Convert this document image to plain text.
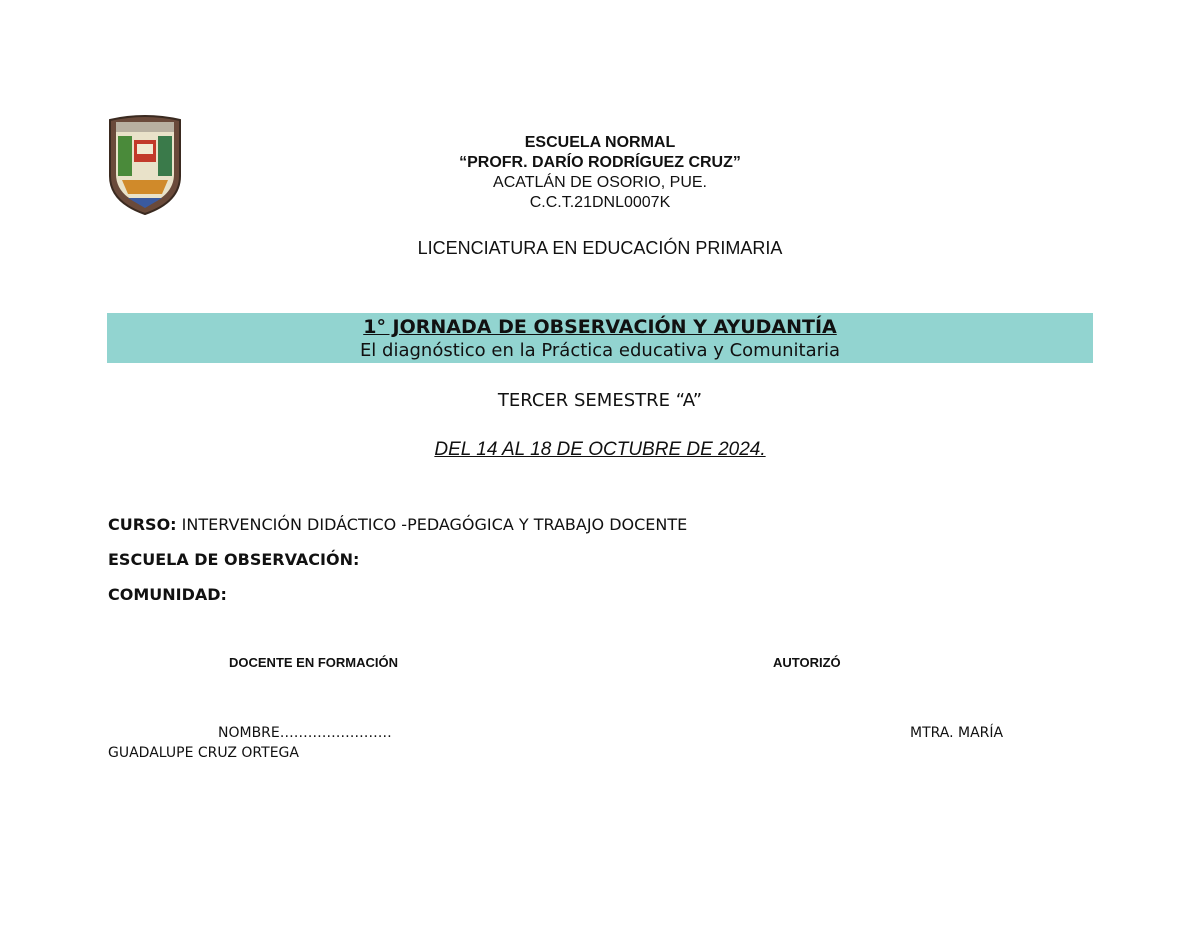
ESCUELA NORMAL
“PROFR. DARÍO RODRÍGUEZ CRUZ”
ACATLÁN DE OSORIO, PUE.
C.C.T.21DNL0007K
LICENCIATURA EN EDUCACIÓN PRIMARIA
1° JORNADA DE OBSERVACIÓN Y AYUDANTÍA
El diagnóstico en la Práctica educativa y Comunitaria
TERCER SEMESTRE “A”
DEL 14 AL 18 DE OCTUBRE DE 2024.
CURSO: INTERVENCIÓN DIDÁCTICO -PEDAGÓGICA Y TRABAJO DOCENTE
ESCUELA DE OBSERVACIÓN:
COMUNIDAD:
DOCENTE EN FORMACIÓN	AUTORIZÓ
NOMBRE……………………	MTRA. MARÍA
GUADALUPE CRUZ ORTEGA
